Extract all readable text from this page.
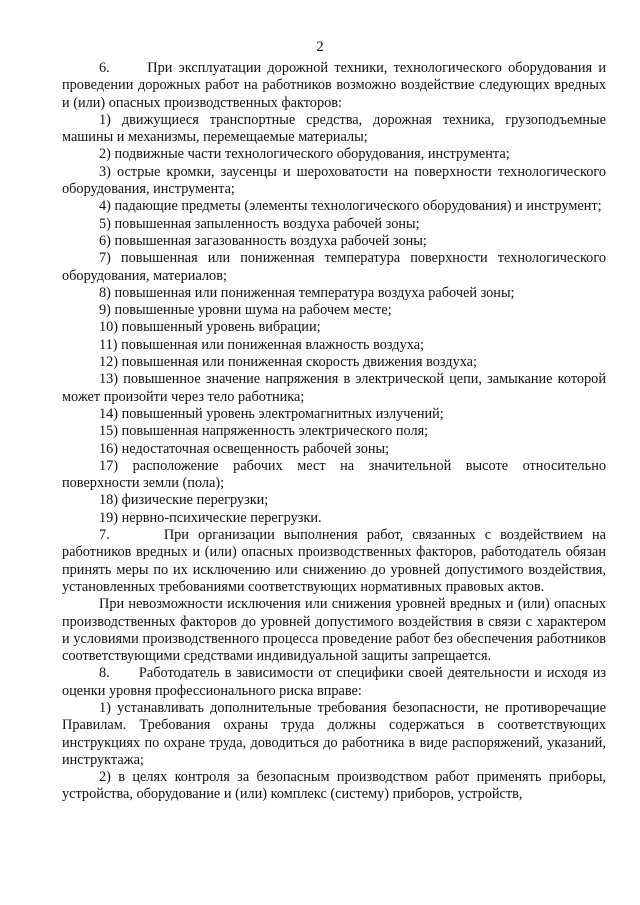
2

6.      При эксплуатации дорожной техники, технологического оборудования и проведении дорожных работ на работников возможно воздействие следующих вредных и (или) опасных производственных факторов:

1) движущиеся транспортные средства, дорожная техника, грузоподъемные машины и механизмы, перемещаемые материалы;

2) подвижные части технологического оборудования, инструмента;

3) острые кромки, заусенцы и шероховатости на поверхности технологического оборудования, инструмента;

4) падающие предметы (элементы технологического оборудования) и инструмент;

5) повышенная запыленность воздуха рабочей зоны;

6) повышенная загазованность воздуха рабочей зоны;

7) повышенная или пониженная температура поверхности технологического оборудования, материалов;

8) повышенная или пониженная температура воздуха рабочей зоны;

9) повышенные уровни шума на рабочем месте;

10) повышенный уровень вибрации;

11) повышенная или пониженная влажность воздуха;

12) повышенная или пониженная скорость движения воздуха;

13) повышенное значение напряжения в электрической цепи, замыкание которой может произойти через тело работника;

14) повышенный уровень электромагнитных излучений;

15) повышенная напряженность электрического поля;

16) недостаточная освещенность рабочей зоны;

17) расположение рабочих мест на значительной высоте относительно поверхности земли (пола);

18) физические перегрузки;

19) нервно-психические перегрузки.

7.      При организации выполнения работ, связанных с воздействием на работников вредных и (или) опасных производственных факторов, работодатель обязан принять меры по их исключению или снижению до уровней допустимого воздействия, установленных требованиями соответствующих нормативных правовых актов.

При невозможности исключения или снижения уровней вредных и (или) опасных производственных факторов до уровней допустимого воздействия в связи с характером и условиями производственного процесса проведение работ без обеспечения работников соответствующими средствами индивидуальной защиты запрещается.

8.      Работодатель в зависимости от специфики своей деятельности и исходя из оценки уровня профессионального риска вправе:

1) устанавливать дополнительные требования безопасности, не противоречащие Правилам. Требования охраны труда должны содержаться в соответствующих инструкциях по охране труда, доводиться до работника в виде распоряжений, указаний, инструктажа;

2) в целях контроля за безопасным производством работ применять приборы, устройства, оборудование и (или) комплекс (систему) приборов, устройств,
